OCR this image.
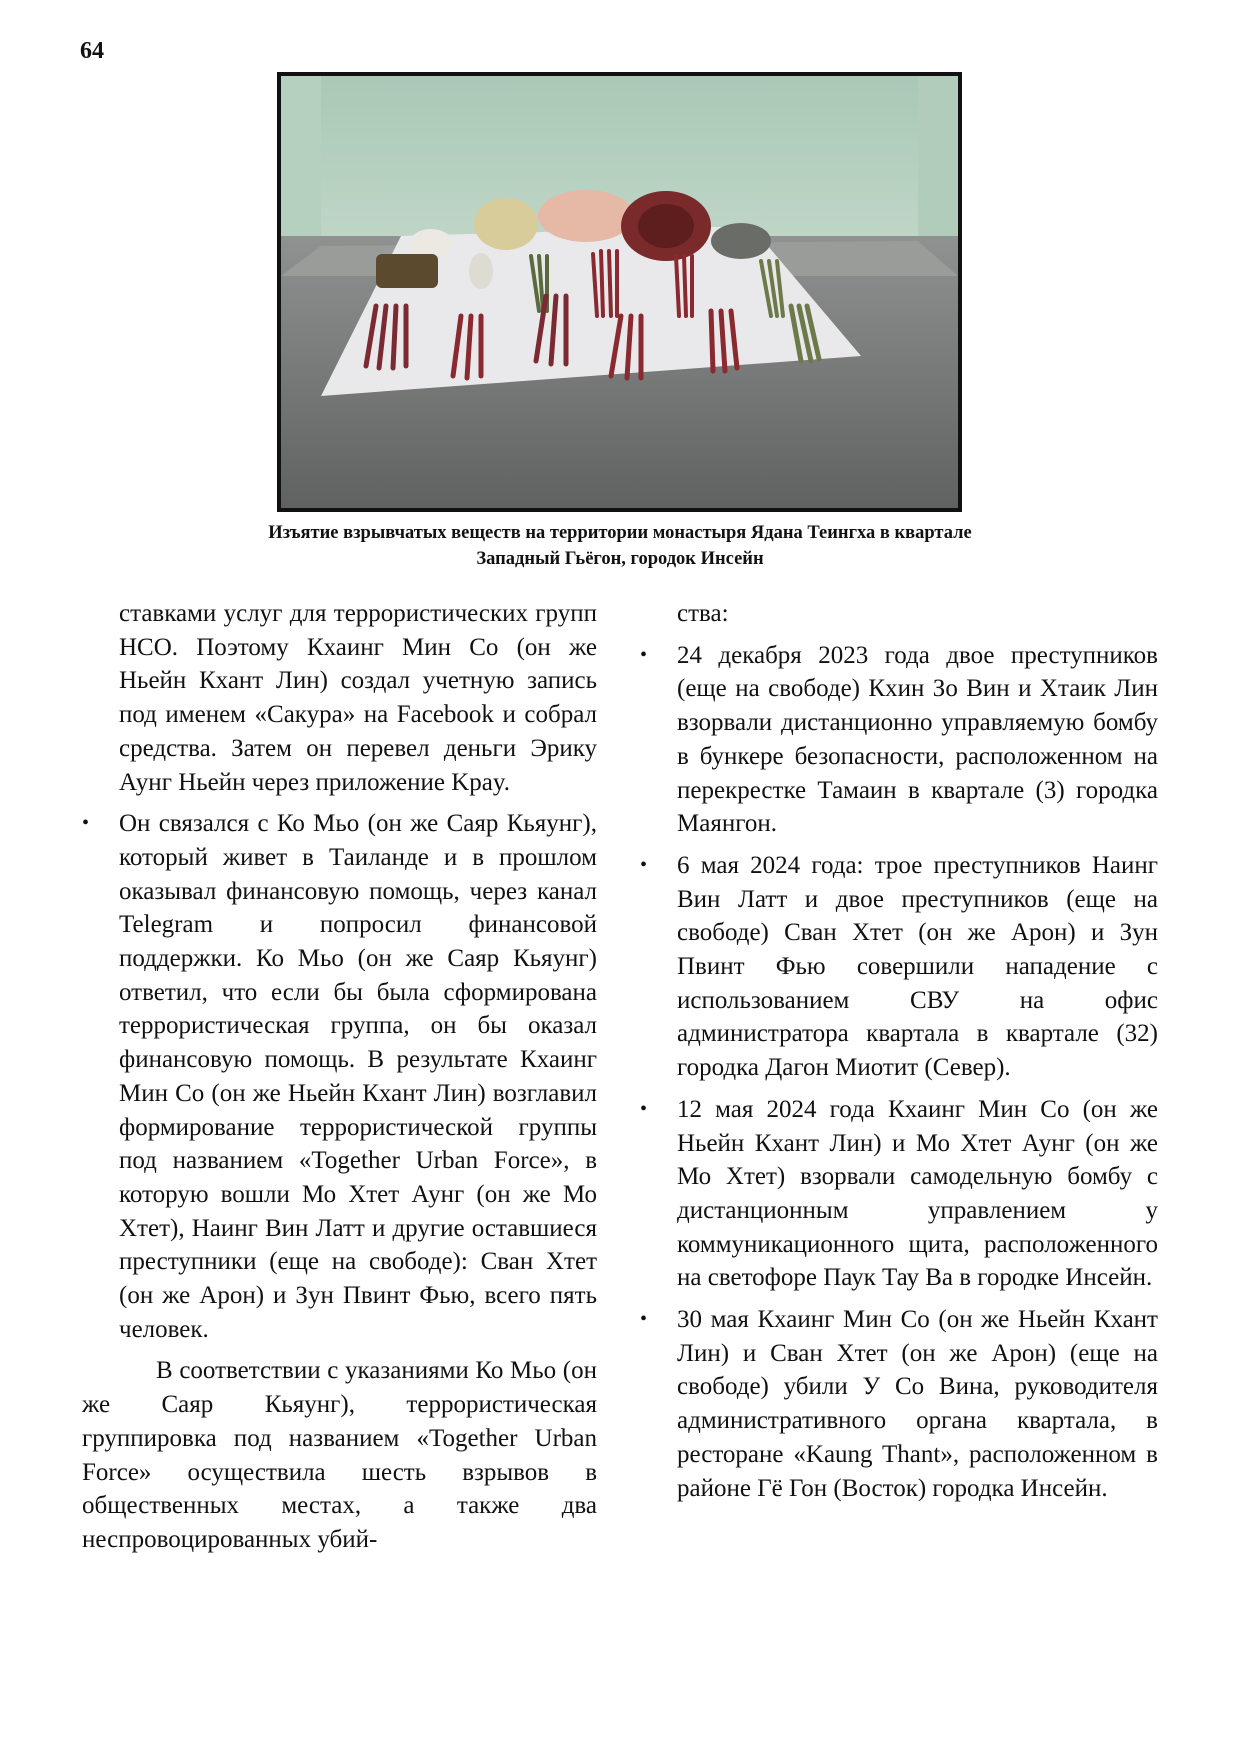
64
Изъятие взрывчатых веществ на территории монастыря Ядана Теингха в квартале
Западный Гьёгон, городок Инсейн

ставками услуг для террористических групп НСО. Поэтому Кхаинг Мин Со (он же Ньейн Кхант Лин) создал учетную запись под именем «Сакура» на Facebook и собрал средства. Затем он перевел деньги Эрику Аунг Ньейн через приложение Kpay.

• Он связался с Ко Мьо (он же Саяр Кьяунг), который живет в Таиланде и в прошлом оказывал финансовую помощь, через канал Telegram и попросил финансовой поддержки. Ко Мьо (он же Саяр Кьяунг) ответил, что если бы была сформирована террористическая группа, он бы оказал финансовую помощь. В результате Кхаинг Мин Со (он же Ньейн Кхант Лин) возглавил формирование террористической группы под названием «Together Urban Force», в которую вошли Мо Хтет Аунг (он же Мо Хтет), Наинг Вин Латт и другие оставшиеся преступники (еще на свободе): Сван Хтет (он же Арон) и Зун Пвинт Фью, всего пять человек.

В соответствии с указаниями Ко Мьо (он же Саяр Кьяунг), террористическая группировка под названием «Together Urban Force» осуществила шесть взрывов в общественных местах, а также два неспровоцированных убий-

ства:

• 24 декабря 2023 года двое преступников (еще на свободе) Кхин Зо Вин и Хтаик Лин взорвали дистанционно управляемую бомбу в бункере безопасности, расположенном на перекрестке Тамаин в квартале (3) городка Маянгон.
• 6 мая 2024 года: трое преступников Наинг Вин Латт и двое преступников (еще на свободе) Сван Хтет (он же Арон) и Зун Пвинт Фью совершили нападение с использованием СВУ на офис администратора квартала в квартале (32) городка Дагон Миотит (Север).
• 12 мая 2024 года Кхаинг Мин Со (он же Ньейн Кхант Лин) и Мо Хтет Аунг (он же Мо Хтет) взорвали самодельную бомбу с дистанционным управлением у коммуникационного щита, расположенного на светофоре Паук Тау Ва в городке Инсейн.
• 30 мая Кхаинг Мин Со (он же Ньейн Кхант Лин) и Сван Хтет (он же Арон) (еще на свободе) убили У Со Вина, руководителя административного органа квартала, в ресторане «Kaung Thant», расположенном в районе Гё Гон (Восток) городка Инсейн.
